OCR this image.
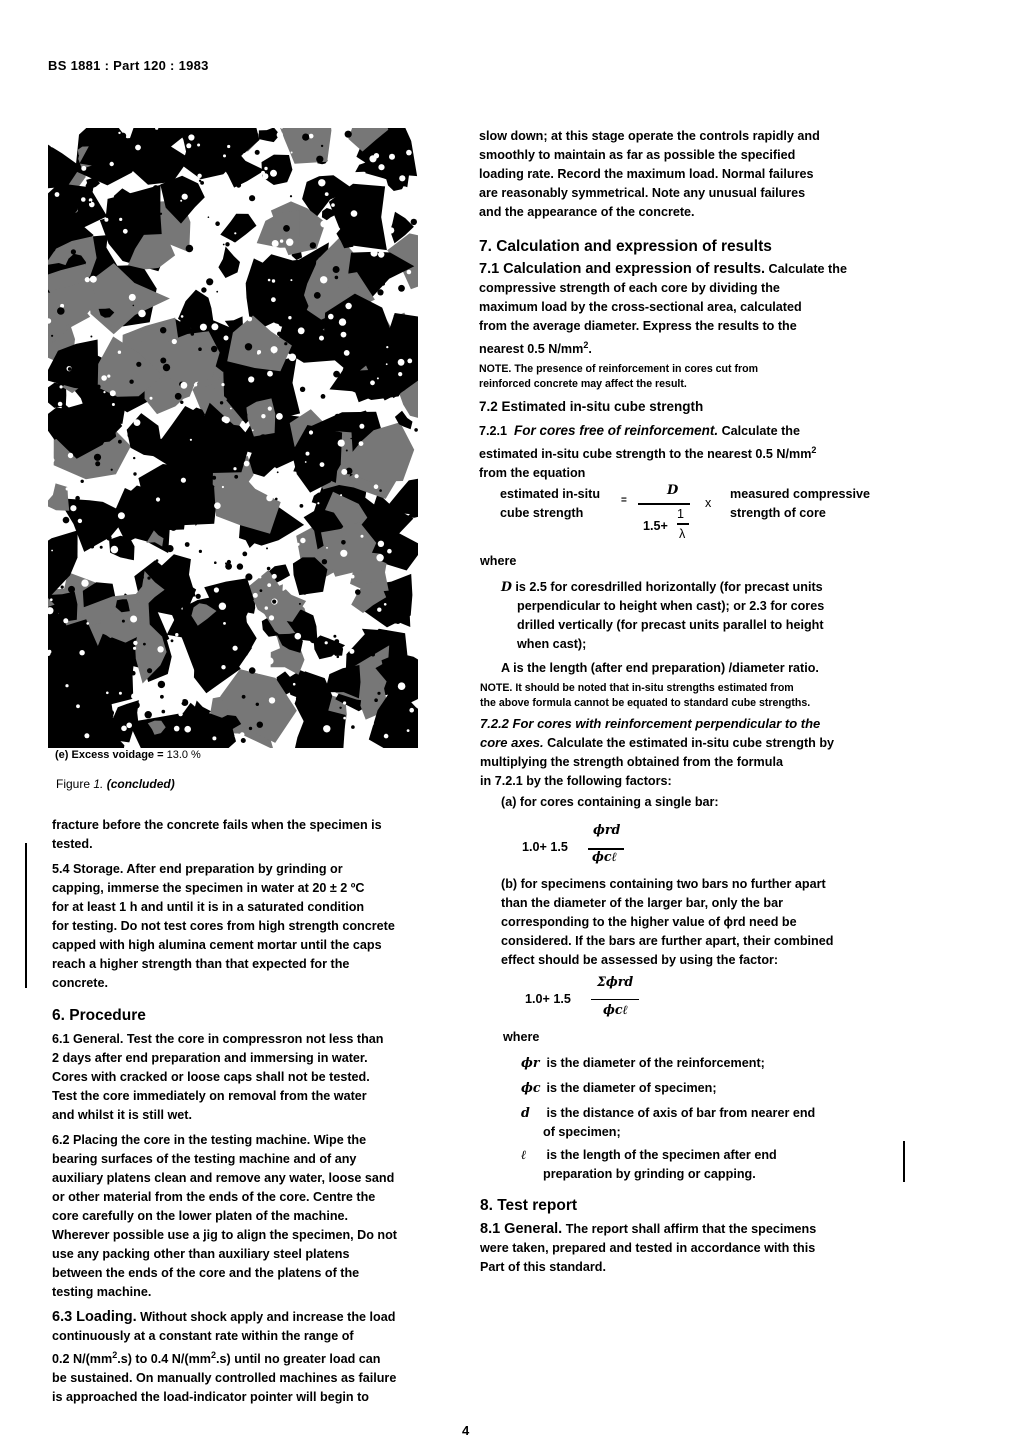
BS 1881 : Part 120 : 1983
(e) Excess voidage = 13.0 %
Figure 1. (concluded)

fracture before the concrete fails when the specimen is

tested.

5.4 Storage. After end preparation by grinding or

capping, immerse the specimen in water at 20 ± 2 ºC

for at least 1 h and until it is in a saturated condition

for testing. Do not test cores from high strength concrete

capped with high alumina cement mortar until the caps

reach a higher strength than that expected for the

concrete.

6. Procedure

6.1 General. Test the core in compressron not less than

2 days after end preparation and immersing in water.

Cores with cracked or loose caps shall not be tested.

Test the core immediately on removal from the water

and whilst it is still wet.

6.2 Placing the core in the testing machine. Wipe the

bearing surfaces of the testing machine and of any

auxiliary platens clean and remove any water, loose sand

or other material from the ends of the core. Centre the

core carefully on the lower platen of the machine.

Wherever possible use a jig to align the specimen, Do not

use any packing other than auxiliary steel platens

between the ends of the core and the platens of the

testing machine.

6.3 Loading. Without shock apply and increase the load

continuously at a constant rate within the range of

0.2 $N/(mm^2.s)$ to 0.4 $N/(mm^2.s)$ until no greater load can

be sustained. On manually controlled machines as failure

is approached the load-indicator pointer will begin to

slow down; at this stage operate the controls rapidly and

smoothly to maintain as far as possible the specified

loading rate. Record the maximum load. Normal failures

are reasonably symmetrical. Note any unusual failures

and the appearance of the concrete.

7. Calculation and expression of results

7.1 Calculation and expression of results. Calculate the

compressive strength of each core by dividing the

maximum load by the cross-sectional area, calculated

from the average diameter. Express the results to the

nearest 0.5 $N/mm^2$.

NOTE. The presence of reinforcement in cores cut from

reinforced concrete may affect the result.

7.2 Estimated in-situ cube strength

7.2.1 For cores free of reinforcement. Calculate the

estimated in-situ cube strength to the nearest 0.5 $N/mm^2$

from the equation

estimated in-situ
cube strength
=
D
1
1.5+
λ
x
measured compressive
strength of core

where

D is 2.5 for coresdrilled horizontally (for precast units

perpendicular to height when cast); or 2.3 for cores

drilled vertically (for precast units parallel to height

when cast);

A is the length (after end preparation) /diameter ratio.

NOTE. It should be noted that in-situ strengths estimated from

the above formula cannot be equated to standard cube strengths.

7.2.2 For cores with reinforcement perpendicular to the

core axes. Calculate the estimated in-situ cube strength by

multiplying the strength obtained from the formula

in 7.2.1 by the following factors:

(a) for cores containing a single bar:

1.0+ 1.5
ϕrd
ϕcℓ

(b) for specimens containing two bars no further apart

than the diameter of the larger bar, only the bar

corresponding to the higher value of ϕrd need be

considered. If the bars are further apart, their combined

effect should be assessed by using the factor:

1.0+ 1.5
Σϕrd
ϕcℓ

where

ϕr is the diameter of the reinforcement;

ϕc is the diameter of specimen;

d is the distance of axis of bar from nearer end

of specimen;

ℓ is the length of the specimen after end

preparation by grinding or capping.

8. Test report

8.1 General. The report shall affirm that the specimens

were taken, prepared and tested in accordance with this

Part of this standard.

4
